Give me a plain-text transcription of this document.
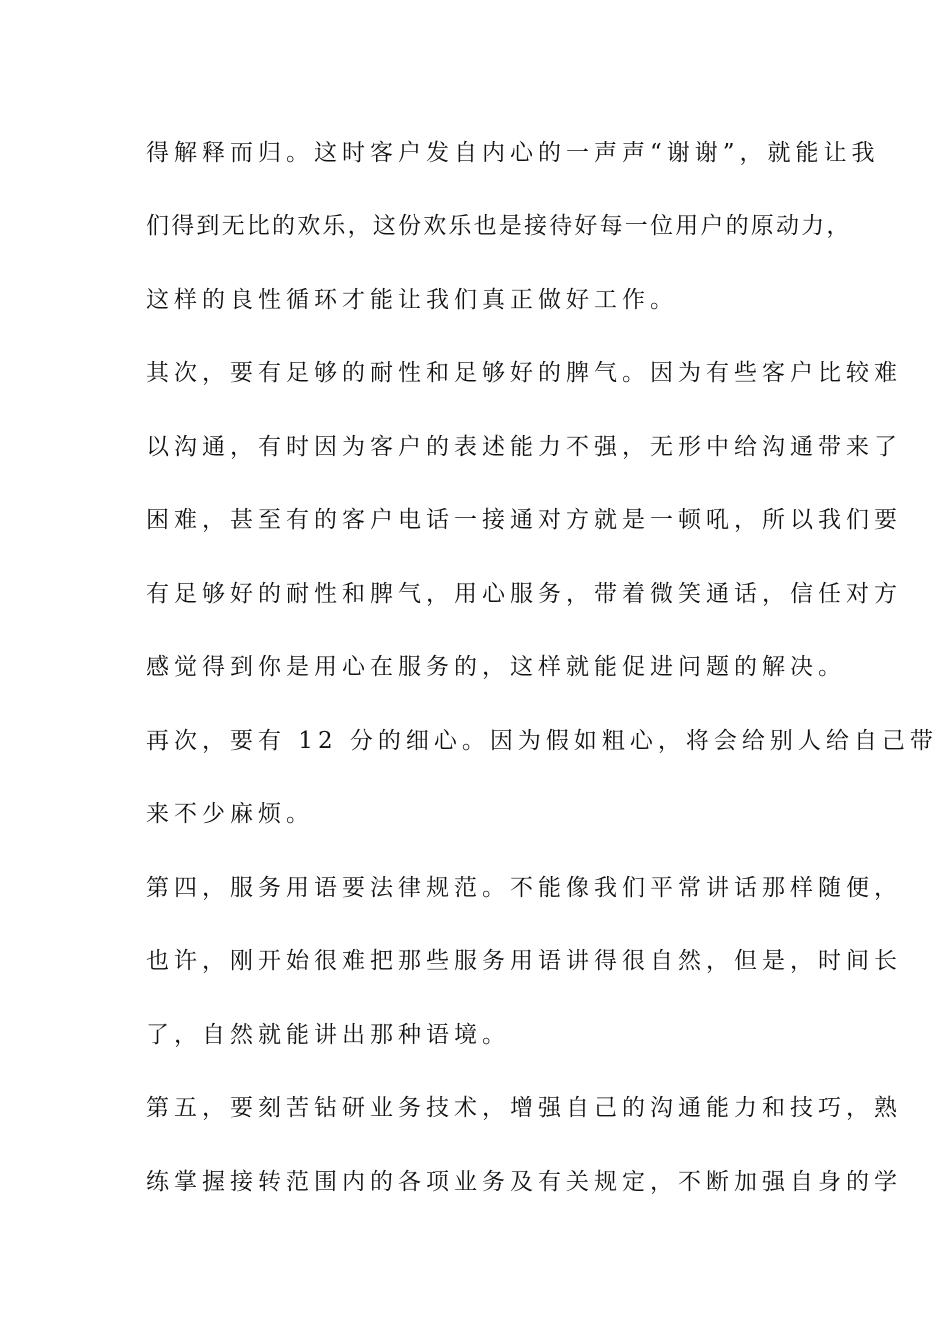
得解释而归。这时客户发自内心的一声声“谢谢”，就能让我
们得到无比的欢乐，这份欢乐也是接待好每一位用户的原动力，
这样的良性循环才能让我们真正做好工作。
其次，要有足够的耐性和足够好的脾气。因为有些客户比较难
以沟通，有时因为客户的表述能力不强，无形中给沟通带来了
困难，甚至有的客户电话一接通对方就是一顿吼，所以我们要
有足够好的耐性和脾气，用心服务，带着微笑通话，信任对方
感觉得到你是用心在服务的，这样就能促进问题的解决。
再次，要有 12 分的细心。因为假如粗心，将会给别人给自己带
来不少麻烦。
第四，服务用语要法律规范。不能像我们平常讲话那样随便，
也许，刚开始很难把那些服务用语讲得很自然，但是，时间长
了，自然就能讲出那种语境。
第五，要刻苦钻研业务技术，增强自己的沟通能力和技巧，熟
练掌握接转范围内的各项业务及有关规定，不断加强自身的学
